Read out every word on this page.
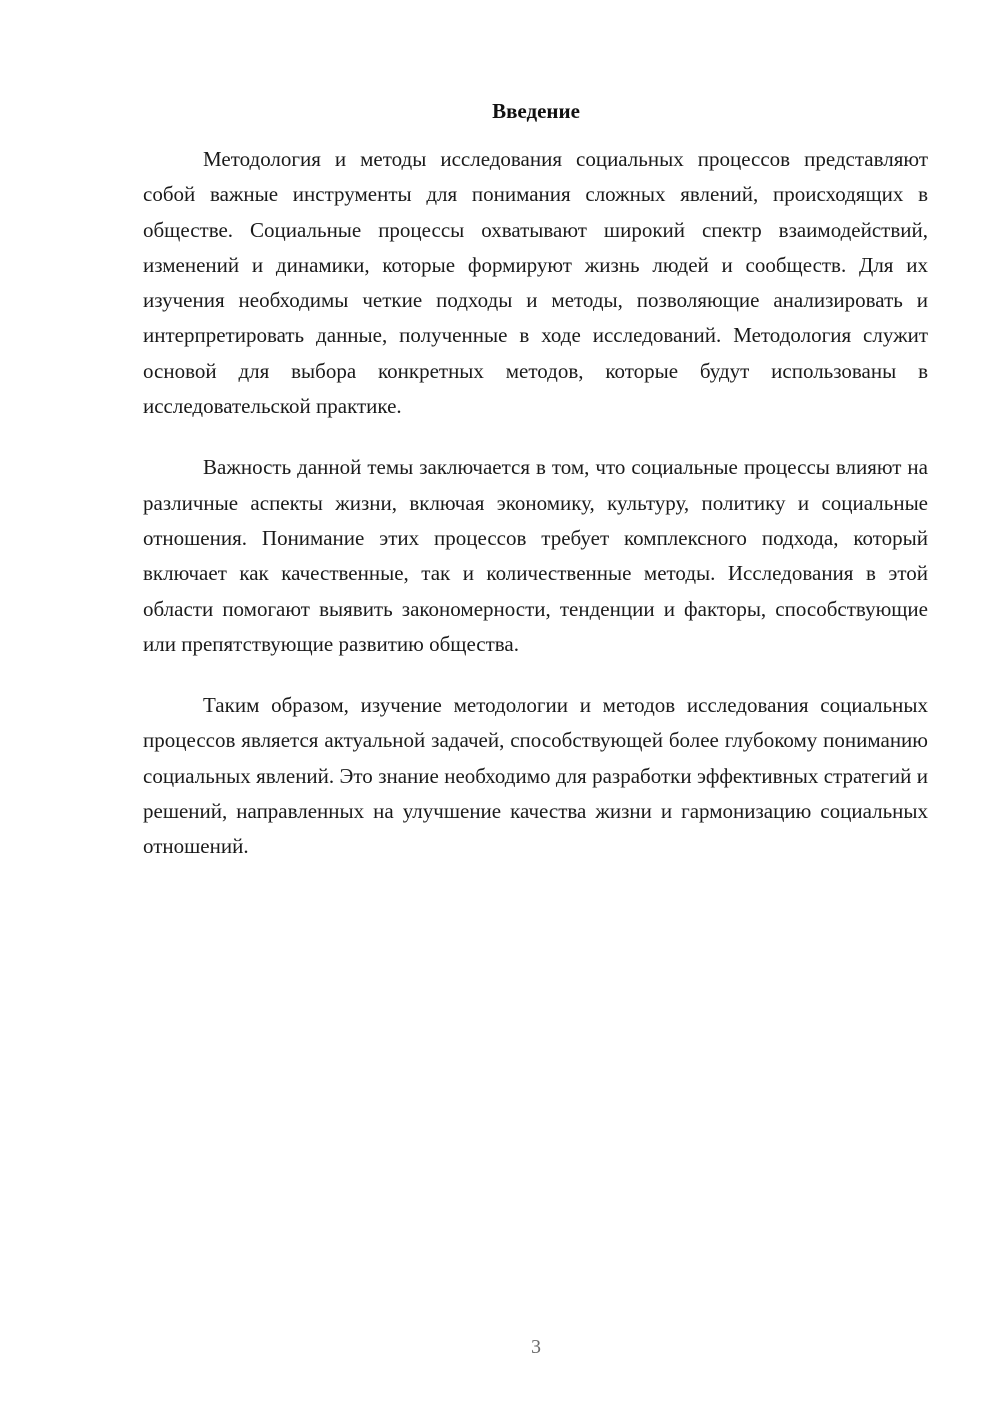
Введение

Методология и методы исследования социальных процессов представляют собой важные инструменты для понимания сложных явлений, происходящих в обществе. Социальные процессы охватывают широкий спектр взаимодействий, изменений и динамики, которые формируют жизнь людей и сообществ. Для их изучения необходимы четкие подходы и методы, позволяющие анализировать и интерпретировать данные, полученные в ходе исследований. Методология служит основой для выбора конкретных методов, которые будут использованы в исследовательской практике.

Важность данной темы заключается в том, что социальные процессы влияют на различные аспекты жизни, включая экономику, культуру, политику и социальные отношения. Понимание этих процессов требует комплексного подхода, который включает как качественные, так и количественные методы. Исследования в этой области помогают выявить закономерности, тенденции и факторы, способствующие или препятствующие развитию общества.

Таким образом, изучение методологии и методов исследования социальных процессов является актуальной задачей, способствующей более глубокому пониманию социальных явлений. Это знание необходимо для разработки эффективных стратегий и решений, направленных на улучшение качества жизни и гармонизацию социальных отношений.

3
